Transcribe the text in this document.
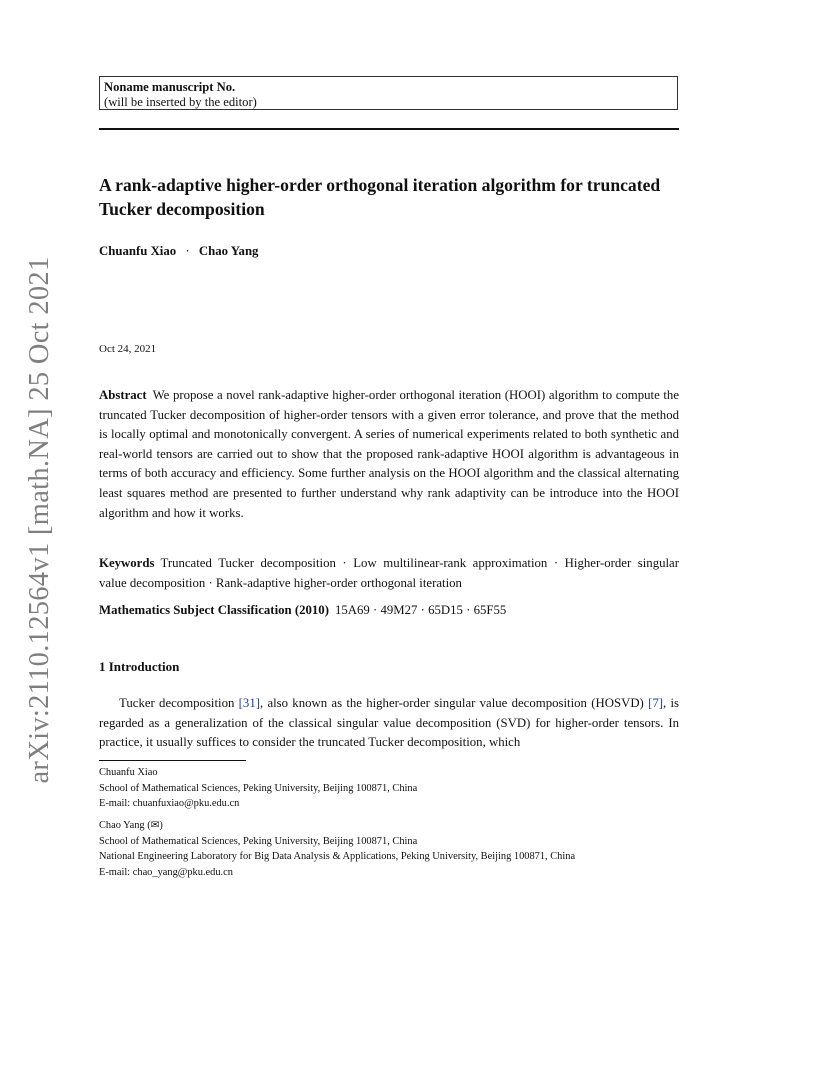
arXiv:2110.12564v1 [math.NA] 25 Oct 2021
Noname manuscript No.
(will be inserted by the editor)
A rank-adaptive higher-order orthogonal iteration algorithm for truncated Tucker decomposition
Chuanfu Xiao · Chao Yang
Oct 24, 2021
Abstract We propose a novel rank-adaptive higher-order orthogonal iteration (HOOI) algorithm to compute the truncated Tucker decomposition of higher-order tensors with a given error tolerance, and prove that the method is locally optimal and monotonically convergent. A series of numerical experiments related to both synthetic and real-world tensors are carried out to show that the proposed rank-adaptive HOOI algorithm is advantageous in terms of both accuracy and efficiency. Some further analysis on the HOOI algorithm and the classical alternating least squares method are presented to further understand why rank adaptivity can be introduce into the HOOI algorithm and how it works.
Keywords Truncated Tucker decomposition · Low multilinear-rank approximation · Higher-order singular value decomposition · Rank-adaptive higher-order orthogonal iteration
Mathematics Subject Classification (2010) 15A69 · 49M27 · 65D15 · 65F55
1 Introduction
Tucker decomposition [31], also known as the higher-order singular value decomposition (HOSVD) [7], is regarded as a generalization of the classical singular value decomposition (SVD) for higher-order tensors. In practice, it usually suffices to consider the truncated Tucker decomposition, which
Chuanfu Xiao
School of Mathematical Sciences, Peking University, Beijing 100871, China
E-mail: chuanfuxiao@pku.edu.cn
Chao Yang (✉)
School of Mathematical Sciences, Peking University, Beijing 100871, China
National Engineering Laboratory for Big Data Analysis & Applications, Peking University, Beijing 100871, China
E-mail: chao_yang@pku.edu.cn
